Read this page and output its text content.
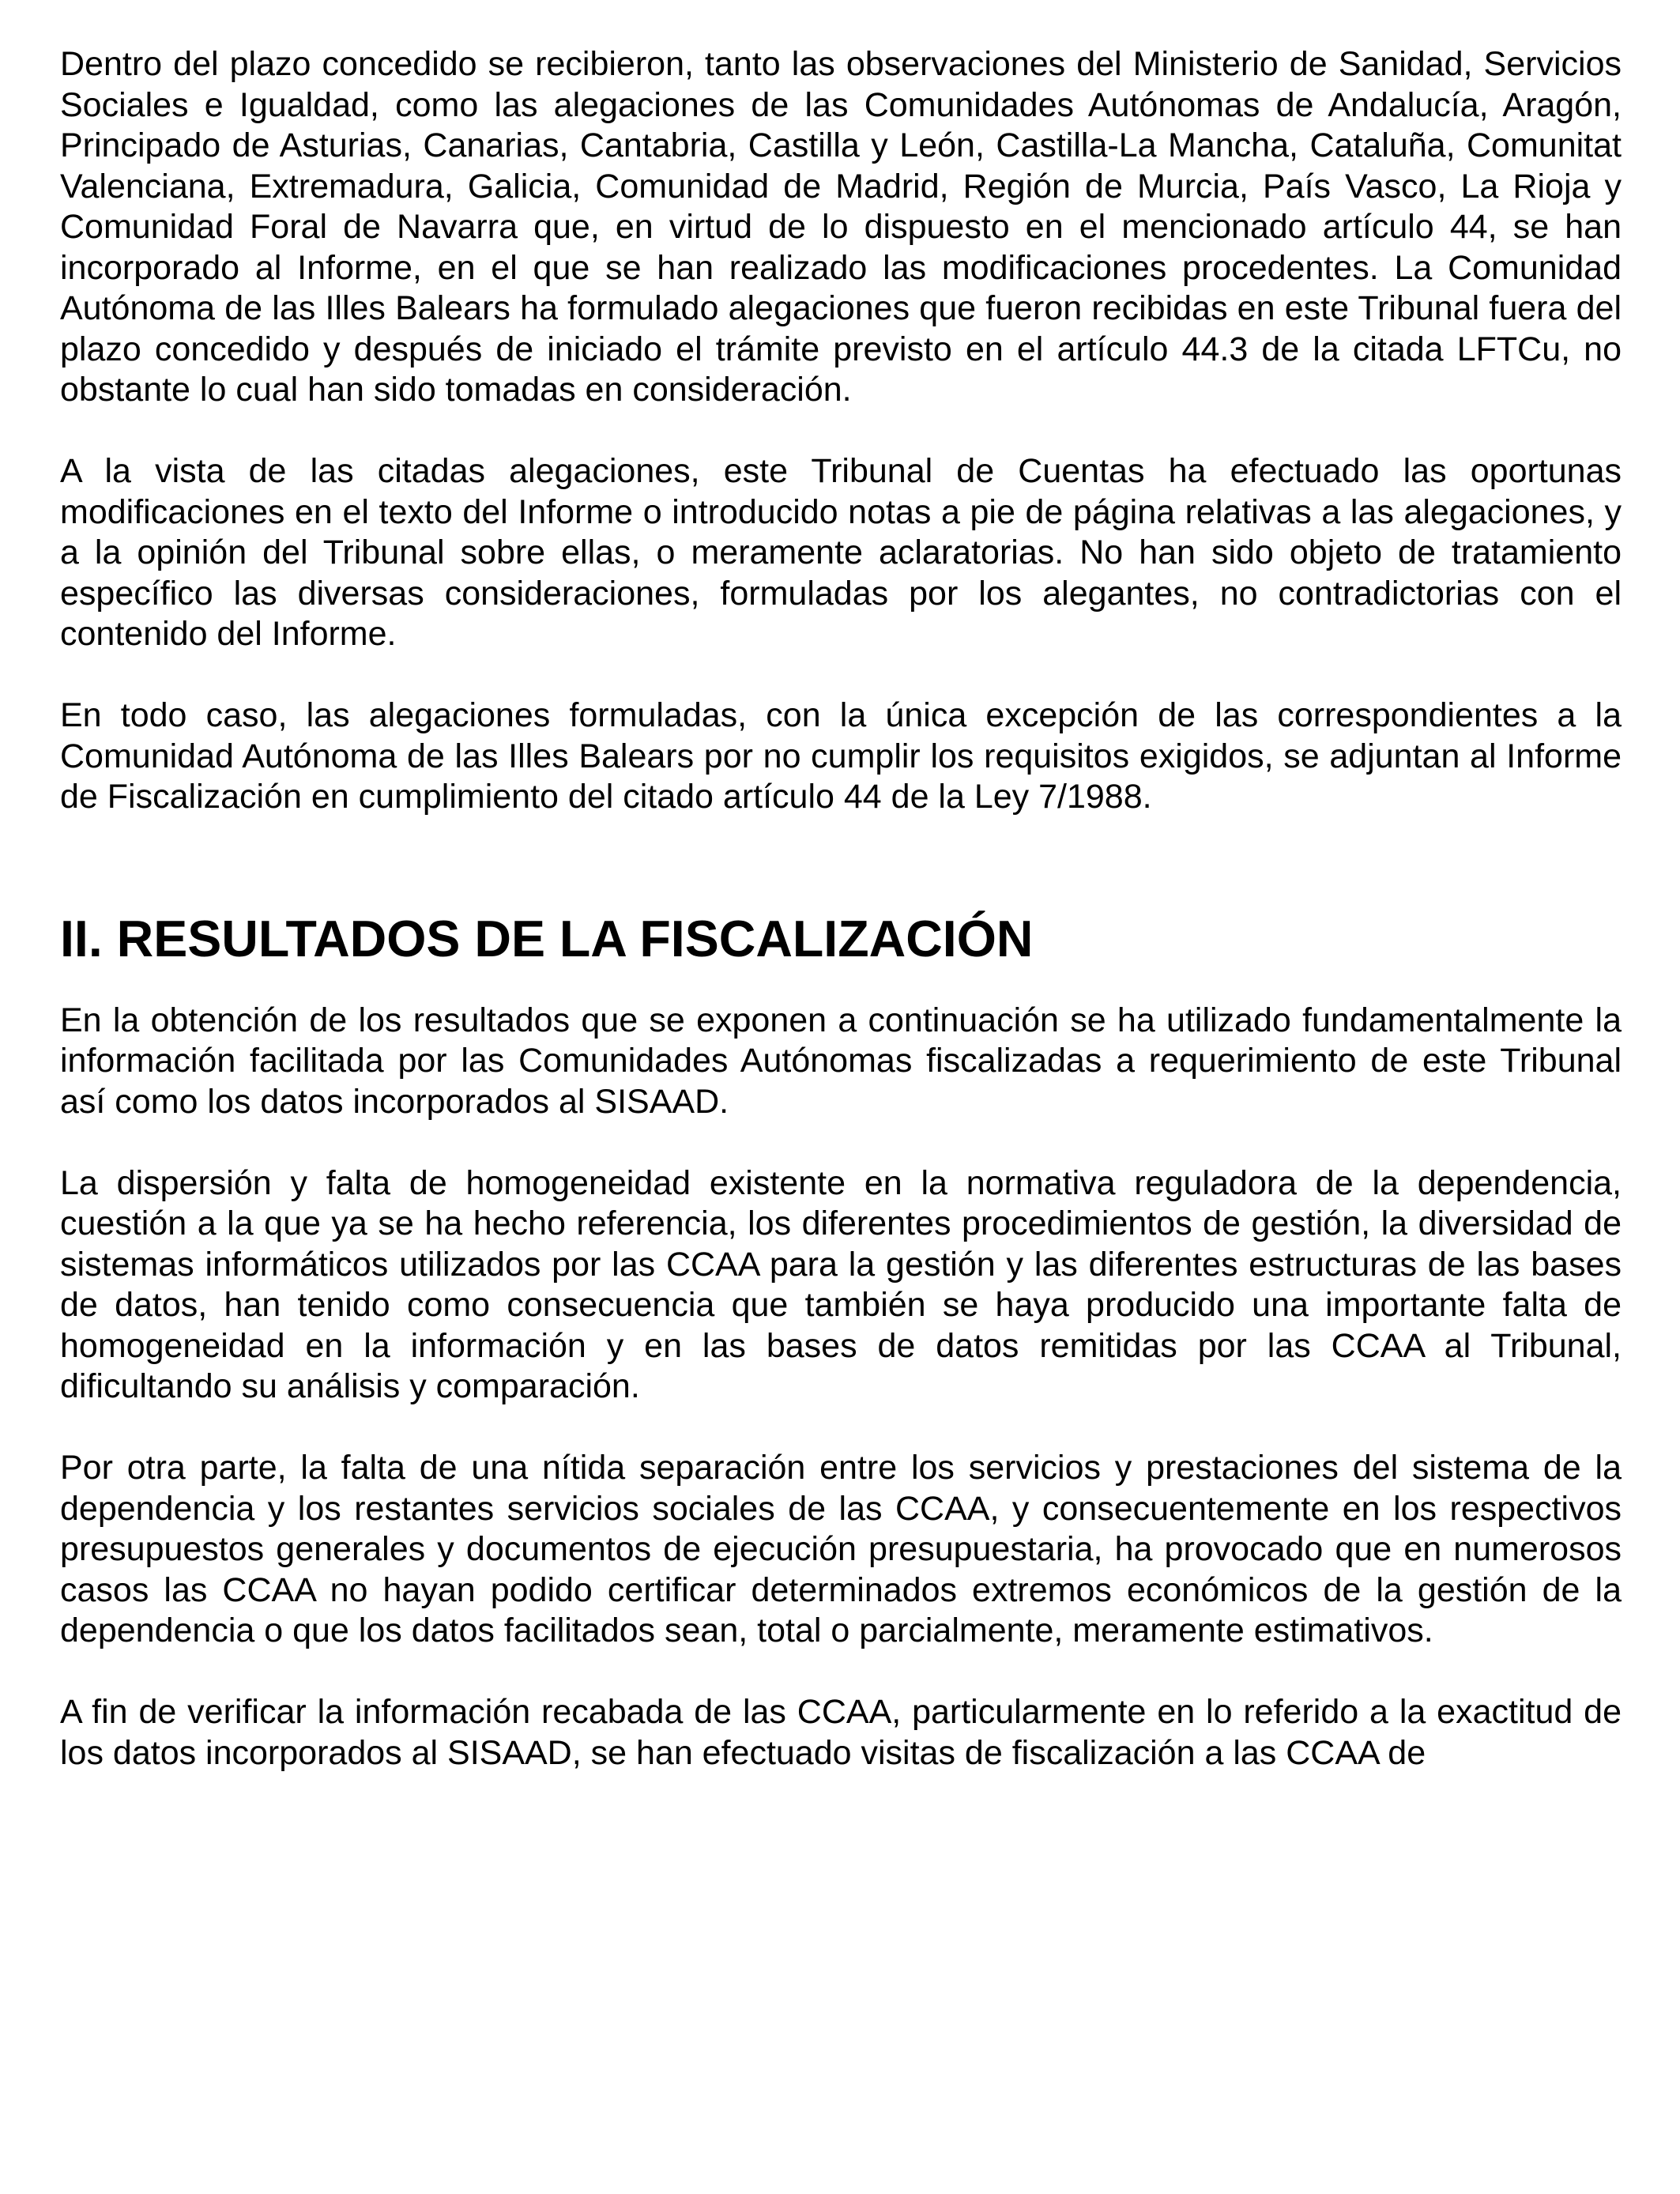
Dentro del plazo concedido se recibieron, tanto las observaciones del Ministerio de Sanidad, Servicios Sociales e Igualdad, como las alegaciones de las Comunidades Autónomas de Andalucía, Aragón, Principado de Asturias, Canarias, Cantabria, Castilla y León, Castilla-La Mancha, Cataluña, Comunitat Valenciana, Extremadura, Galicia, Comunidad de Madrid, Región de Murcia, País Vasco, La Rioja y Comunidad Foral de Navarra que, en virtud de lo dispuesto en el mencionado artículo 44, se han incorporado al Informe, en el que se han realizado las modificaciones procedentes. La Comunidad Autónoma de las Illes Balears ha formulado alegaciones que fueron recibidas en este Tribunal fuera del plazo concedido y después de iniciado el trámite previsto en el artículo 44.3 de la citada LFTCu, no obstante lo cual han sido tomadas en consideración.

A la vista de las citadas alegaciones, este Tribunal de Cuentas ha efectuado las oportunas modificaciones en el texto del Informe o introducido notas a pie de página relativas a las alegaciones, y a la opinión del Tribunal sobre ellas, o meramente aclaratorias. No han sido objeto de tratamiento específico las diversas consideraciones, formuladas por los alegantes, no contradictorias con el contenido del Informe.

En todo caso, las alegaciones formuladas, con la única excepción de las correspondientes a la Comunidad Autónoma de las Illes Balears por no cumplir los requisitos exigidos, se adjuntan al Informe de Fiscalización en cumplimiento del citado artículo 44 de la Ley 7/1988.

II. RESULTADOS DE LA FISCALIZACIÓN

En la obtención de los resultados que se exponen a continuación se ha utilizado fundamentalmente la información facilitada por las Comunidades Autónomas fiscalizadas a requerimiento de este Tribunal así como los datos incorporados al SISAAD.

La dispersión y falta de homogeneidad existente en la normativa reguladora de la dependencia, cuestión a la que ya se ha hecho referencia, los diferentes procedimientos de gestión, la diversidad de sistemas informáticos utilizados por las CCAA para la gestión y las diferentes estructuras de las bases de datos, han tenido como consecuencia que también se haya producido una importante falta de homogeneidad en la información y en las bases de datos remitidas por las CCAA al Tribunal, dificultando su análisis y comparación.

Por otra parte, la falta de una nítida separación entre los servicios y prestaciones del sistema de la dependencia y los restantes servicios sociales de las CCAA, y consecuentemente en los respectivos presupuestos generales y documentos de ejecución presupuestaria, ha provocado que en numerosos casos las CCAA no hayan podido certificar determinados extremos económicos de la gestión de la dependencia o que los datos facilitados sean, total o parcialmente, meramente estimativos.

A fin de verificar la información recabada de las CCAA, particularmente en lo referido a la exactitud de los datos incorporados al SISAAD, se han efectuado visitas de fiscalización a las CCAA de
